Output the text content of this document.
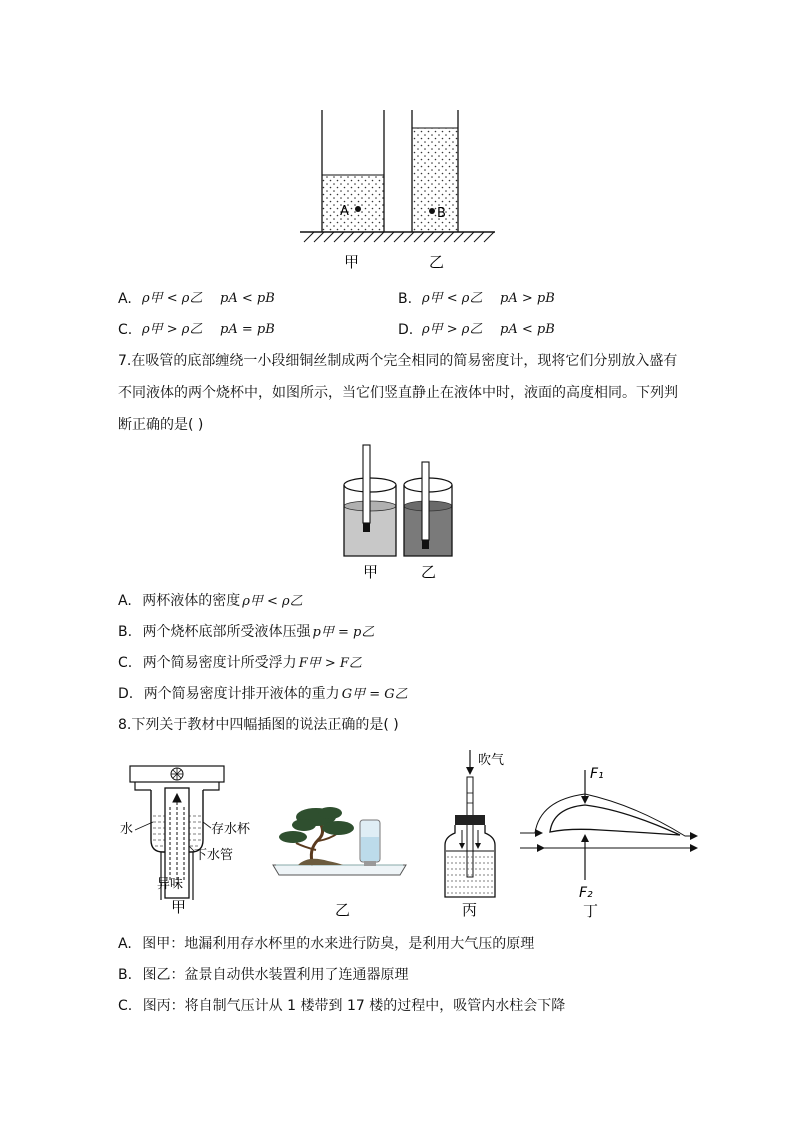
A	B
甲	乙
A. ρ甲 < ρ乙 pA < pB	B. ρ甲 < ρ乙 pA > pB
C. ρ甲 > ρ乙 pA = pB	D. ρ甲 > ρ乙 pA < pB
7.在吸管的底部缠绕一小段细铜丝制成两个完全相同的简易密度计，现将它们分别放入盛有
不同液体的两个烧杯中，如图所示，当它们竖直静止在液体中时，液面的高度相同。下列判
断正确的是( )
甲	乙
A. 两杯液体的密度 ρ甲 < ρ乙
B. 两个烧杯底部所受液体压强 p甲 = p乙
C. 两个简易密度计所受浮力 F甲 > F乙
D. 两个简易密度计排开液体的重力 G甲 = G乙
8.下列关于教材中四幅插图的说法正确的是( )
水	存水杯
下水管
异味
甲	乙
吹气
丙
F₁
F₂
丁
A. 图甲：地漏利用存水杯里的水来进行防臭，是利用大气压的原理
B. 图乙：盆景自动供水装置利用了连通器原理
C. 图丙：将自制气压计从 1 楼带到 17 楼的过程中，吸管内水柱会下降
